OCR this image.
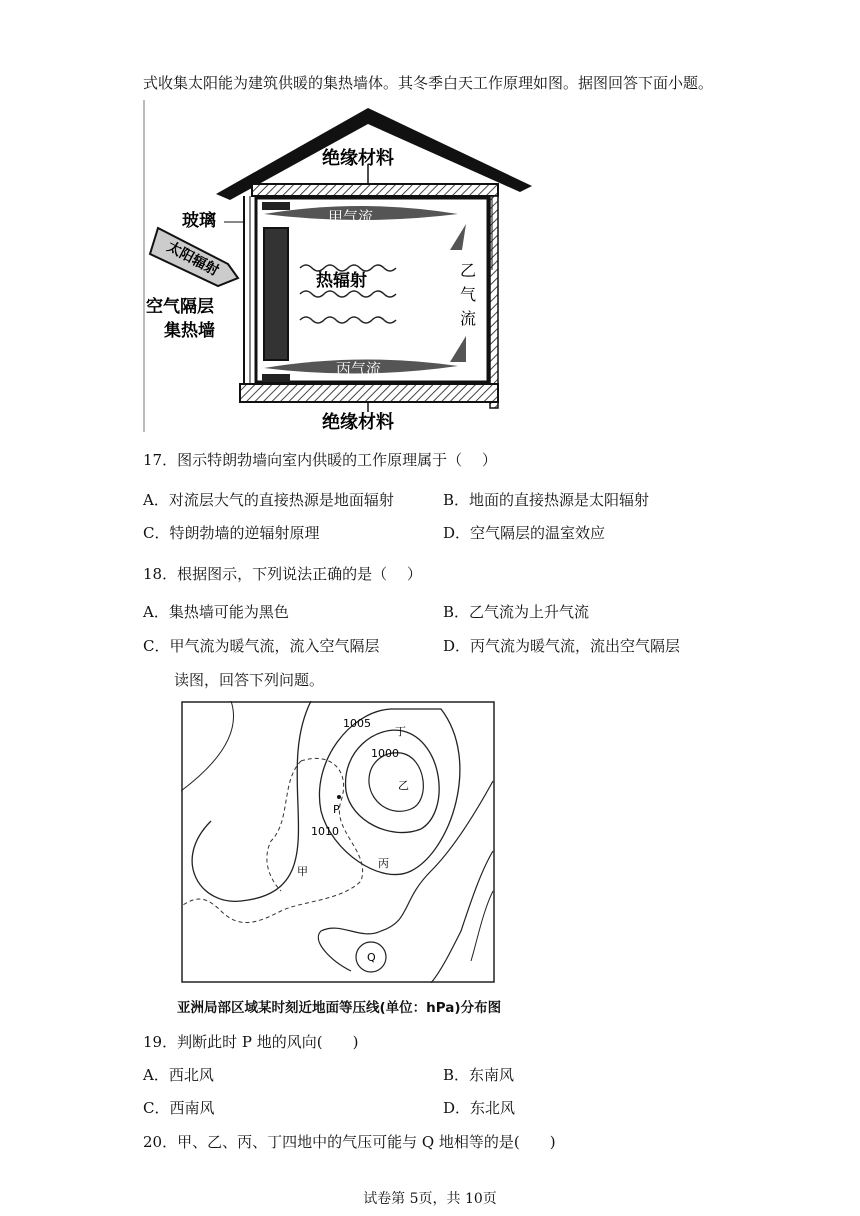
式收集太阳能为建筑供暖的集热墙体。其冬季白天工作原理如图。据图回答下面小题。
太阳辐射
绝缘材料
玻璃
空气隔层
集热墙
甲气流
热辐射
乙
气
流
丙气流
绝缘材料
17．图示特朗勃墙向室内供暖的工作原理属于（　 ）
A．对流层大气的直接热源是地面辐射	B．地面的直接热源是太阳辐射
C．特朗勃墙的逆辐射原理	D．空气隔层的温室效应
18．根据图示，下列说法正确的是（　 ）
A．集热墙可能为黑色	B．乙气流为上升气流
C．甲气流为暖气流，流入空气隔层	D．丙气流为暖气流，流出空气隔层
读图，回答下列问题。
1005
1000
1010
丁
乙
P
甲
丙
Q
亚洲局部区域某时刻近地面等压线(单位：hPa)分布图
19．判断此时 P 地的风向(　　)
A．西北风	B．东南风
C．西南风	D．东北风
20．甲、乙、丙、丁四地中的气压可能与 Q 地相等的是(　　)
试卷第 5页，共 10页
